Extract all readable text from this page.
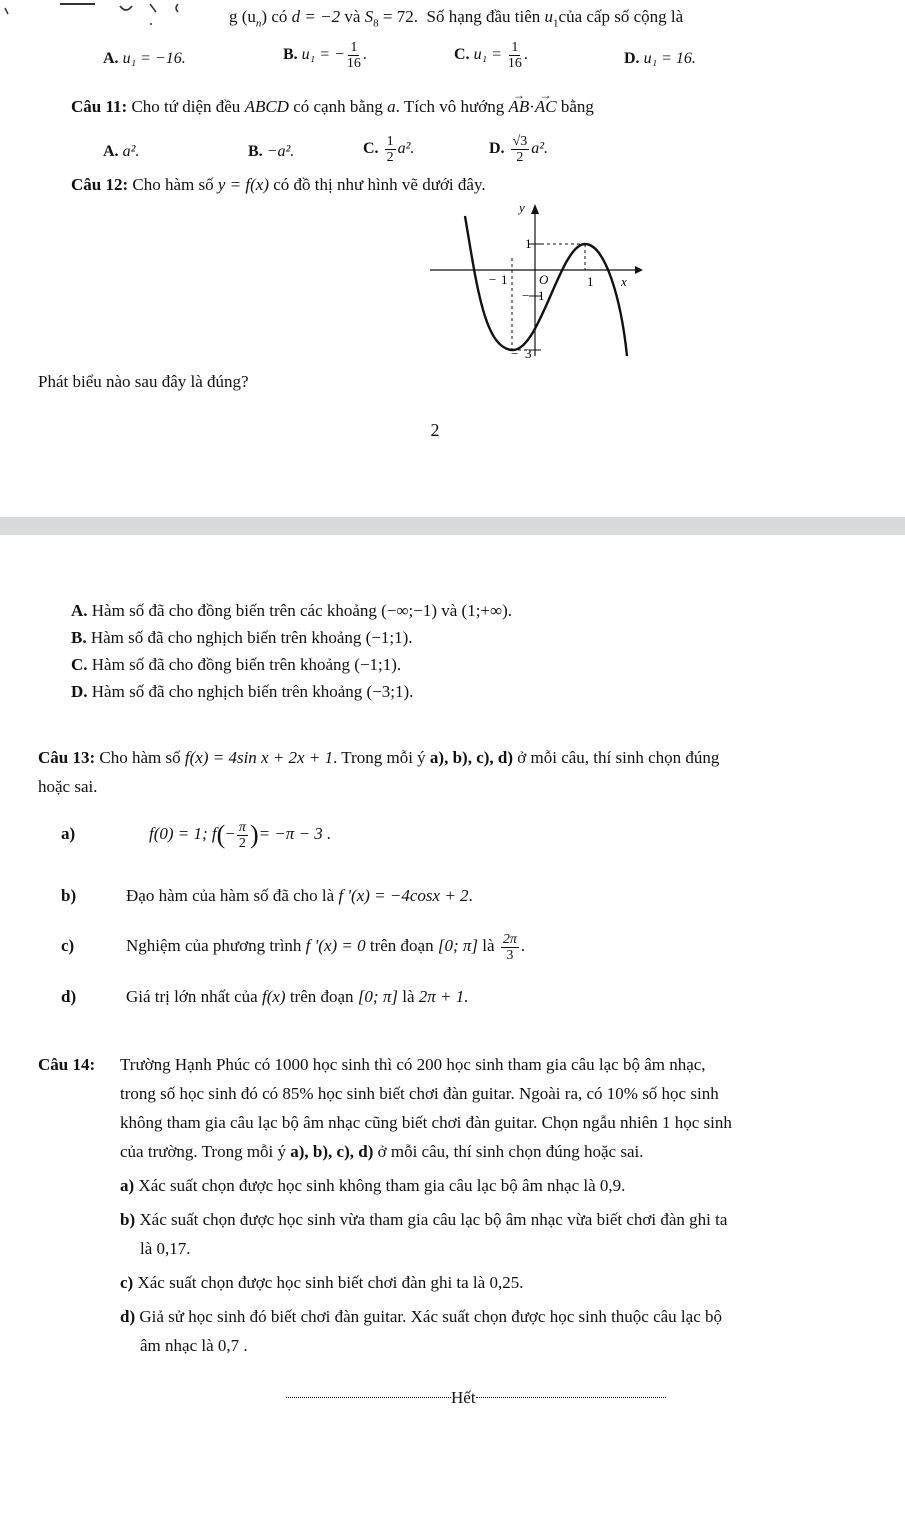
g $(u_n)$ có d = −2 và $S_8 = 72$. Số hạng đầu tiên $u_1của$ cấp số cộng là
A. u₁ = −16.	B. u₁ = − $\frac{1}{16}$ .	C. $u_1 = \frac{1}{16}$ .	D. u₁ = 16.
Câu 11: Cho tứ diện đều ABCD có cạnh bằng a. Tích vô hướng → AB·→ AC bằng
A. a².	B. −a².	C. $\frac{1}{2} a^2$.	D. $\frac{√3}{2} a^2$.
Câu 12: Cho hàm số y = f(x) có đồ thị như hình vẽ dưới đây.
y
x
O
1
1
−
1
−	1
3
−
Phát biểu nào sau đây là đúng?
2
A. Hàm số đã cho đồng biến trên các khoảng (−∞;−1) và (1;+∞).
B. Hàm số đã cho nghịch biến trên khoảng (−1;1).
C. Hàm số đã cho đồng biến trên khoảng (−1;1).
D. Hàm số đã cho nghịch biến trên khoảng (−3;1).
Câu 13: Cho hàm số f(x) = 4sin x + 2x + 1. Trong mỗi ý a), b), c), d) ở mỗi câu, thí sinh chọn đúng
hoặc sai.
a)	f(0) = 1; $f(- \frac{\pi}{2}$ )= −π − 3 .
b)	Đạo hàm của hàm số đã cho là f '(x) = −4cosx + 2.
c)	Nghiệm của phương trình f '(x) = 0 trên đoạn [0; π] là $\frac{2\pi}{3}$ .
d)	Giá trị lớn nhất của f(x) trên đoạn [0; π] là 2π + 1.
Câu 14: Trường Hạnh Phúc có 1000 học sinh thì có 200 học sinh tham gia câu lạc bộ âm nhạc,
trong số học sinh đó có 85% học sinh biết chơi đàn guitar. Ngoài ra, có 10% số học sinh
không tham gia câu lạc bộ âm nhạc cũng biết chơi đàn guitar. Chọn ngẫu nhiên 1 học sinh
của trường. Trong mỗi ý a), b), c), d) ở mỗi câu, thí sinh chọn đúng hoặc sai.
a) Xác suất chọn được học sinh không tham gia câu lạc bộ âm nhạc là 0,9.
b) Xác suất chọn được học sinh vừa tham gia câu lạc bộ âm nhạc vừa biết chơi đàn ghi ta
là 0,17.
c) Xác suất chọn được học sinh biết chơi đàn ghi ta là 0,25.
d) Giả sử học sinh đó biết chơi đàn guitar. Xác suất chọn được học sinh thuộc câu lạc bộ
âm nhạc là 0,7 .
Hết
